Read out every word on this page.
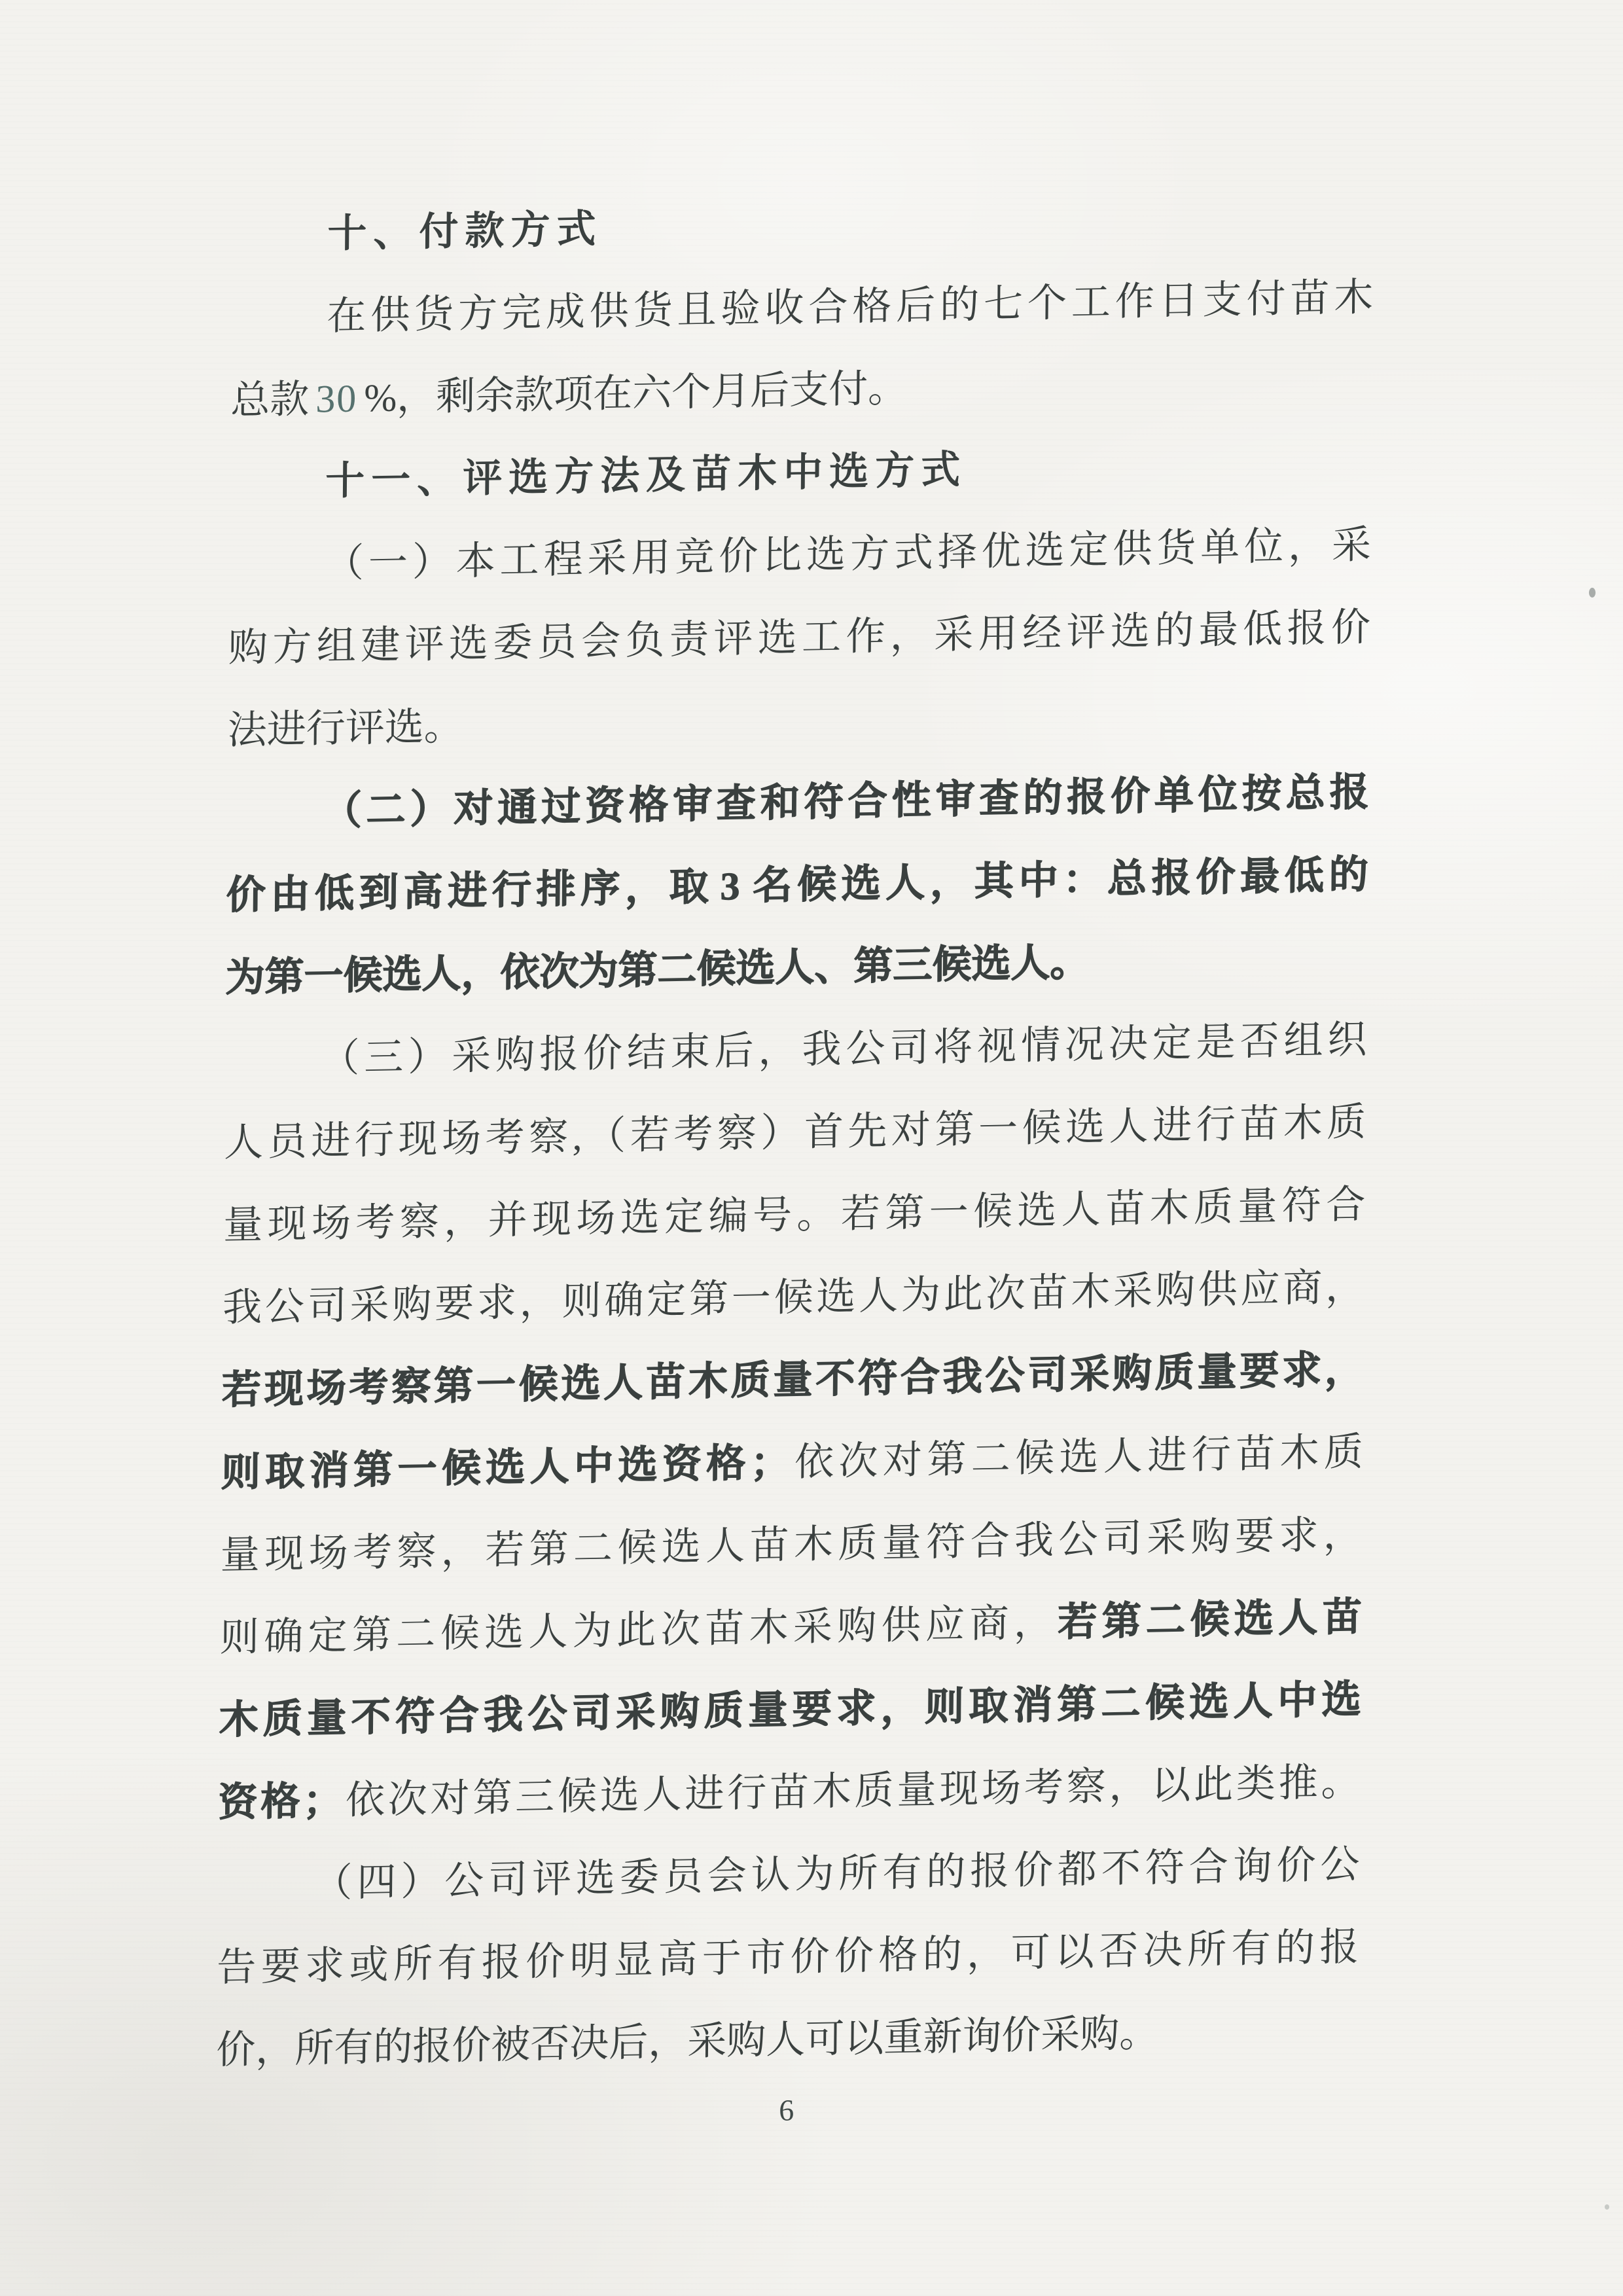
十、付款方式
在供货方完成供货且验收合格后的七个工作日支付苗木
总款 30 %，剩余款项在六个月后支付。
十一、评选方法及苗木中选方式
（一）本工程采用竞价比选方式择优选定供货单位，采
购方组建评选委员会负责评选工作，采用经评选的最低报价
法进行评选。
（二）对通过资格审查和符合性审查的报价单位按总报
价由低到高进行排序，取 3 名候选人，其中：总报价最低的
为第一候选人，依次为第二候选人、第三候选人。
（三）采购报价结束后，我公司将视情况决定是否组织
人员进行现场考察,（若考察）首先对第一候选人进行苗木质
量现场考察，并现场选定编号。若第一候选人苗木质量符合
我公司采购要求，则确定第一候选人为此次苗木采购供应商，
若现场考察第一候选人苗木质量不符合我公司采购质量要求，
则取消第一候选人中选资格；依次对第二候选人进行苗木质
量现场考察，若第二候选人苗木质量符合我公司采购要求，
则确定第二候选人为此次苗木采购供应商，若第二候选人苗
木质量不符合我公司采购质量要求，则取消第二候选人中选
资格；依次对第三候选人进行苗木质量现场考察，以此类推。
（四）公司评选委员会认为所有的报价都不符合询价公
告要求或所有报价明显高于市价价格的，可以否决所有的报
价，所有的报价被否决后，采购人可以重新询价采购。
6
